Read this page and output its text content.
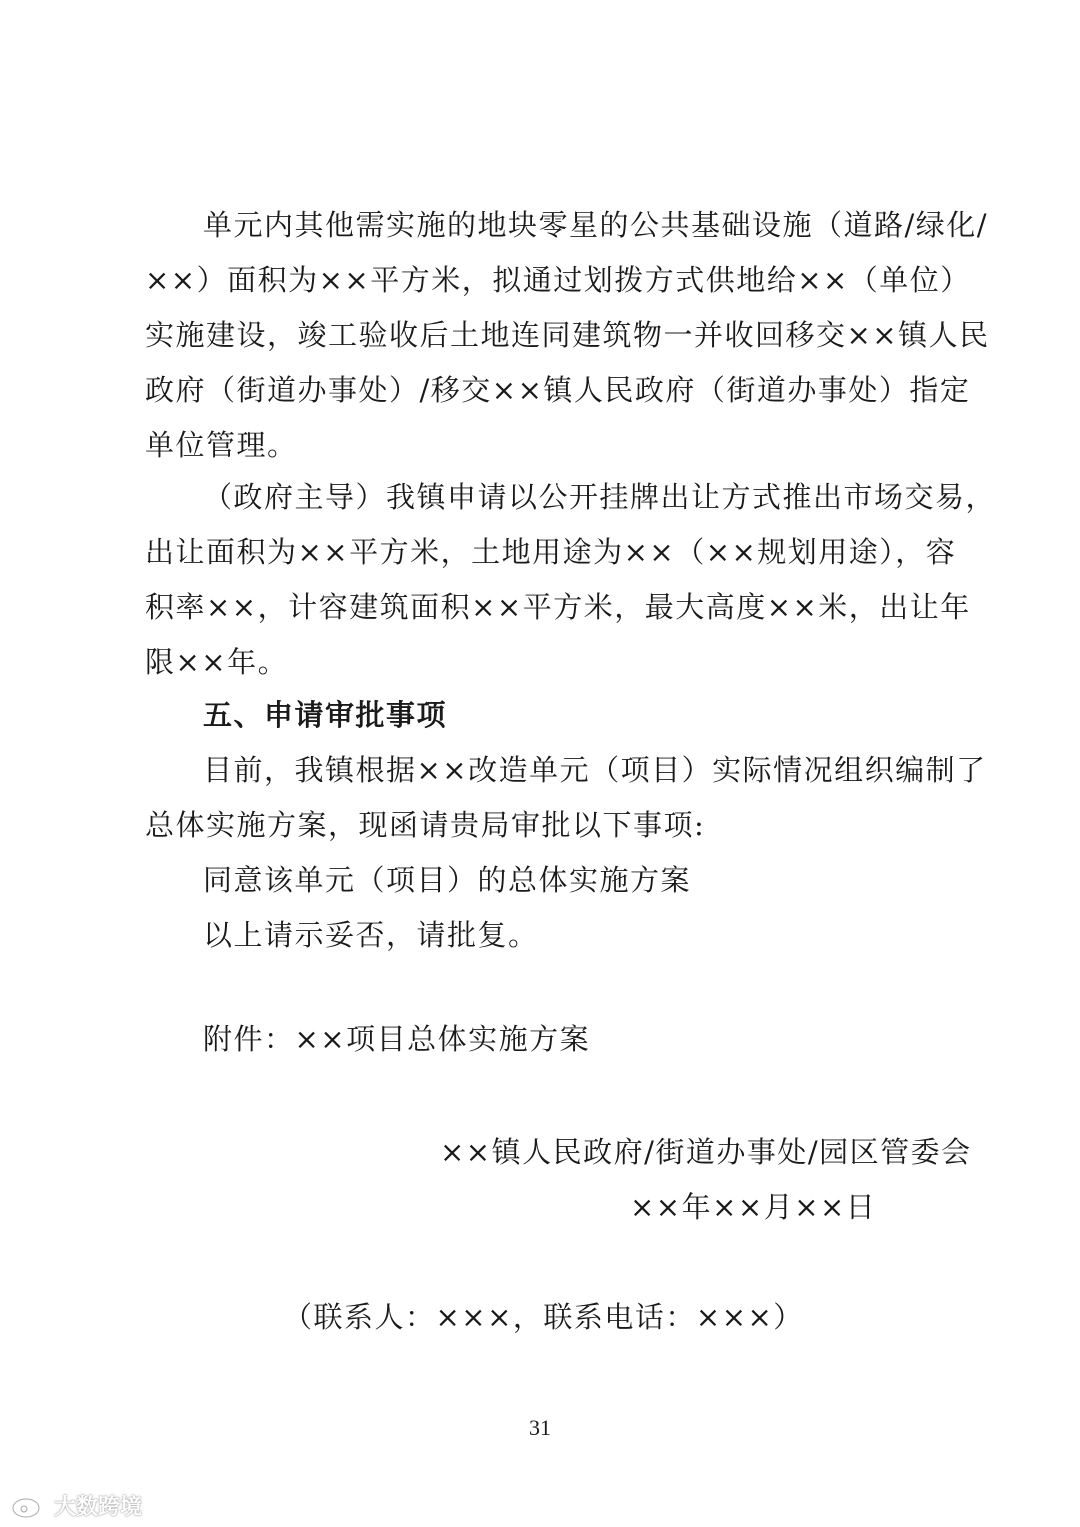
单元内其他需实施的地块零星的公共基础设施（道路/绿化/
××）面积为××平方米，拟通过划拨方式供地给××（单位）
实施建设，竣工验收后土地连同建筑物一并收回移交××镇人民
政府（街道办事处）/移交××镇人民政府（街道办事处）指定
单位管理。
（政府主导）我镇申请以公开挂牌出让方式推出市场交易，
出让面积为××平方米，土地用途为××（××规划用途），容
积率××，计容建筑面积××平方米，最大高度××米，出让年
限××年。
五、申请审批事项
目前，我镇根据××改造单元（项目）实际情况组织编制了
总体实施方案，现函请贵局审批以下事项:
同意该单元（项目）的总体实施方案
以上请示妥否，请批复。
附件：××项目总体实施方案
××镇人民政府/街道办事处/园区管委会
××年××月××日
（联系人：×××，联系电话：×××）
31
大数跨境
